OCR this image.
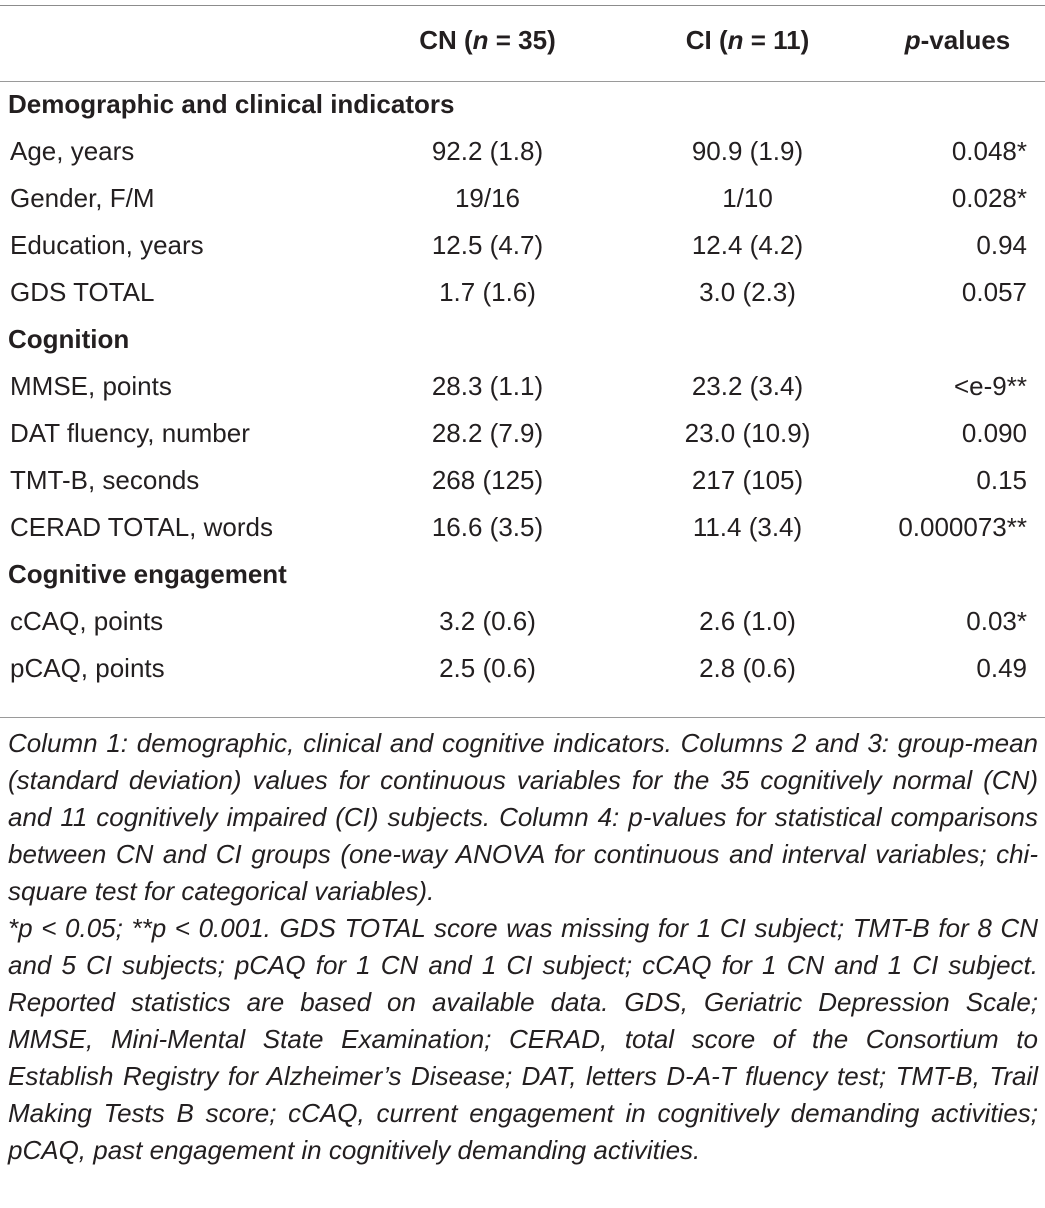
	CN (n = 35)	CI (n = 11)	p-values
Demographic and clinical indicators			
Age, years	92.2 (1.8)	90.9 (1.9)	0.048*
Gender, F/M	19/16	1/10	0.028*
Education, years	12.5 (4.7)	12.4 (4.2)	0.94
GDS TOTAL	1.7 (1.6)	3.0 (2.3)	0.057
Cognition			
MMSE, points	28.3 (1.1)	23.2 (3.4)	<e-9**
DAT fluency, number	28.2 (7.9)	23.0 (10.9)	0.090
TMT-B, seconds	268 (125)	217 (105)	0.15
CERAD TOTAL, words	16.6 (3.5)	11.4 (3.4)	0.000073**
Cognitive engagement			
cCAQ, points	3.2 (0.6)	2.6 (1.0)	0.03*
pCAQ, points	2.5 (0.6)	2.8 (0.6)	0.49

Column 1: demographic, clinical and cognitive indicators. Columns 2 and 3: group-mean (standard deviation) values for continuous variables for the 35 cognitively normal (CN) and 11 cognitively impaired (CI) subjects. Column 4: p-values for statistical comparisons between CN and CI groups (one-way ANOVA for continuous and interval variables; chi-square test for categorical variables).

*p < 0.05; **p < 0.001. GDS TOTAL score was missing for 1 CI subject; TMT-B for 8 CN and 5 CI subjects; pCAQ for 1 CN and 1 CI subject; cCAQ for 1 CN and 1 CI subject. Reported statistics are based on available data. GDS, Geriatric Depression Scale; MMSE, Mini-Mental State Examination; CERAD, total score of the Consortium to Establish Registry for Alzheimer’s Disease; DAT, letters D-A-T fluency test; TMT-B, Trail Making Tests B score; cCAQ, current engagement in cognitively demanding activities; pCAQ, past engagement in cognitively demanding activities.
